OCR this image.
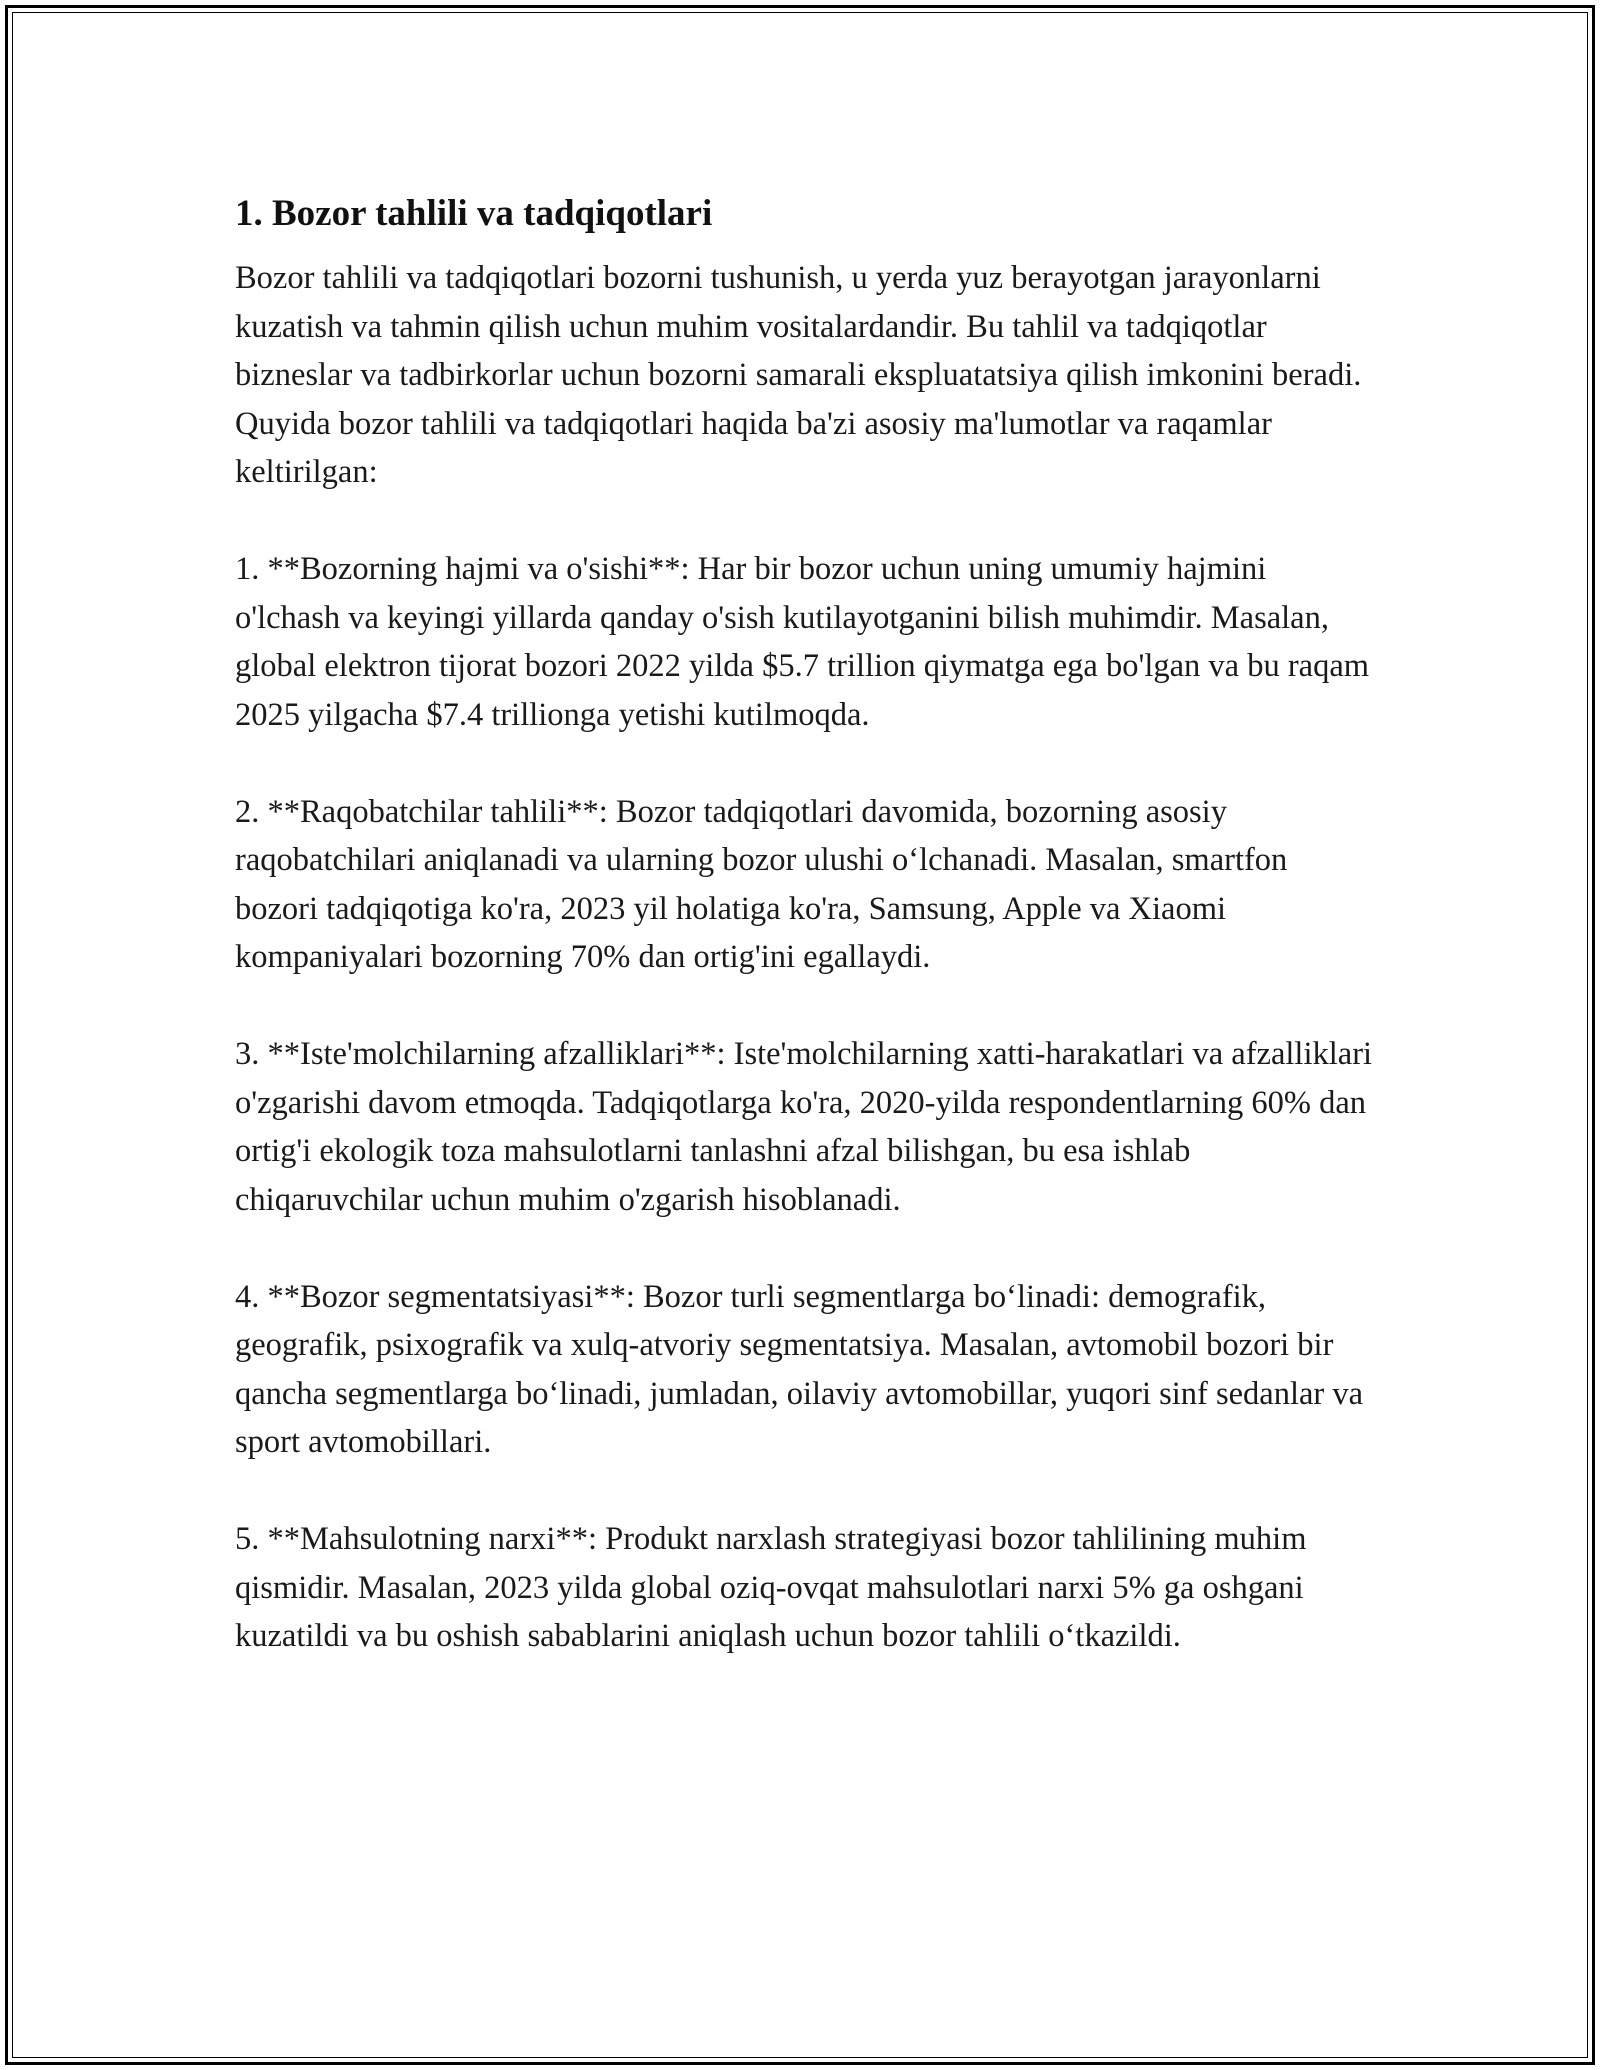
1. Bozor tahlili va tadqiqotlari

Bozor tahlili va tadqiqotlari bozorni tushunish, u yerda yuz berayotgan jarayonlarni kuzatish va tahmin qilish uchun muhim vositalardandir. Bu tahlil va tadqiqotlar bizneslar va tadbirkorlar uchun bozorni samarali ekspluatatsiya qilish imkonini beradi. Quyida bozor tahlili va tadqiqotlari haqida ba'zi asosiy ma'lumotlar va raqamlar keltirilgan:

1. **Bozorning hajmi va o'sishi**: Har bir bozor uchun uning umumiy hajmini o'lchash va keyingi yillarda qanday o'sish kutilayotganini bilish muhimdir. Masalan, global elektron tijorat bozori 2022 yilda $5.7 trillion qiymatga ega bo'lgan va bu raqam 2025 yilgacha $7.4 trillionga yetishi kutilmoqda.

2. **Raqobatchilar tahlili**: Bozor tadqiqotlari davomida, bozorning asosiy raqobatchilari aniqlanadi va ularning bozor ulushi o‘lchanadi. Masalan, smartfon bozori tadqiqotiga ko'ra, 2023 yil holatiga ko'ra, Samsung, Apple va Xiaomi kompaniyalari bozorning 70% dan ortig'ini egallaydi.

3. **Iste'molchilarning afzalliklari**: Iste'molchilarning xatti-harakatlari va afzalliklari o'zgarishi davom etmoqda. Tadqiqotlarga ko'ra, 2020-yilda respondentlarning 60% dan ortig'i ekologik toza mahsulotlarni tanlashni afzal bilishgan, bu esa ishlab chiqaruvchilar uchun muhim o'zgarish hisoblanadi.

4. **Bozor segmentatsiyasi**: Bozor turli segmentlarga bo‘linadi: demografik, geografik, psixografik va xulq-atvoriy segmentatsiya. Masalan, avtomobil bozori bir qancha segmentlarga bo‘linadi, jumladan, oilaviy avtomobillar, yuqori sinf sedanlar va sport avtomobillari.

5. **Mahsulotning narxi**: Produkt narxlash strategiyasi bozor tahlilining muhim qismidir. Masalan, 2023 yilda global oziq-ovqat mahsulotlari narxi 5% ga oshgani kuzatildi va bu oshish sabablarini aniqlash uchun bozor tahlili o‘tkazildi.
